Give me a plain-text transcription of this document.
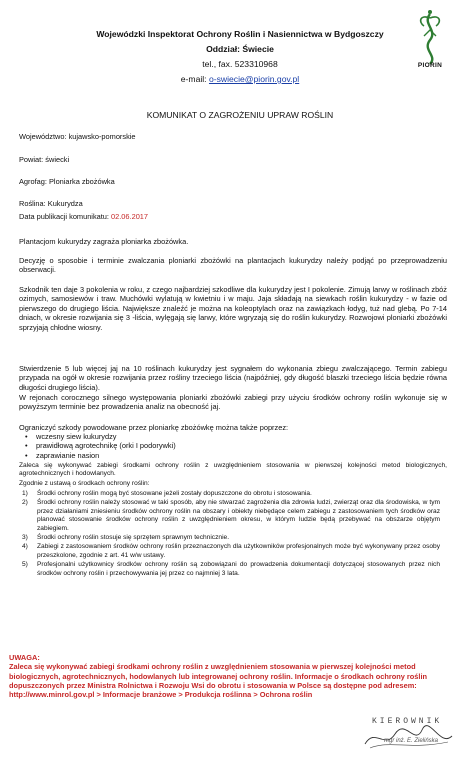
Wojewódzki Inspektorat Ochrony Roślin i Nasiennictwa w Bydgoszczy
Oddział: Świecie
tel., fax. 523310968
e-mail: o-swiecie@piorin.gov.pl
PIORIN
KOMUNIKAT O ZAGROŻENIU UPRAW ROŚLIN
Województwo: kujawsko-pomorskie
Powiat: świecki
Agrofag: Ploniarka zbożówka
Roślina: Kukurydza
Data publikacji komunikatu: 02.06.2017
Plantacjom kukurydzy zagraża ploniarka zbożówka.
Decyzję o sposobie i terminie zwalczania ploniarki zbożówki na plantacjach kukurydzy należy podjąć po przeprowadzeniu obserwacji.
Szkodnik ten daje 3 pokolenia w roku, z czego najbardziej szkodliwe dla kukurydzy jest I pokolenie. Zimują larwy w roślinach zbóż ozimych, samosiewów i traw. Muchówki wylatują w kwietniu i w maju. Jaja składają na siewkach roślin kukurydzy - w fazie od pierwszego do drugiego liścia. Największe znaleźć je można na koleoptylach oraz na zawiązkach łodyg, tuż nad glebą. Po 7-14 dniach, w okresie rozwijania się 3 -liścia, wylęgają się larwy, które wgryzają się do roślin kukurydzy. Rozwojowi ploniarki zbożówki sprzyjają chłodne wiosny.
Stwierdzenie 5 lub więcej jaj na 10 roślinach kukurydzy jest sygnałem do wykonania zbiegu zwalczającego. Termin zabiegu przypada na ogół w okresie rozwijania przez rośliny trzeciego liścia (najpóźniej, gdy długość blaszki trzeciego liścia będzie równa długości drugiego liścia).
W rejonach corocznego silnego występowania ploniarki zbożówki zabiegi przy użyciu środków ochrony roślin wykonuje się w powyższym terminie bez prowadzenia analiz na obecność jaj.
Ograniczyć szkody powodowane przez ploniarkę zbożówkę można także poprzez:
• wczesny siew kukurydzy
• prawidłową agrotechnikę (orki I podorywki)
• zaprawianie nasion
Zaleca się wykonywać zabiegi środkami ochrony roślin z uwzględnieniem stosowania w pierwszej kolejności metod biologicznych, agrotechnicznych i hodowlanych.
Zgodnie z ustawą o środkach ochrony roślin:
1) Środki ochrony roślin mogą być stosowane jeżeli zostały dopuszczone do obrotu i stosowania.
2) Środki ochrony roślin należy stosować w taki sposób, aby nie stwarzać zagrożenia dla zdrowia ludzi, zwierząt oraz dla środowiska, w tym przez działaniami zniesieniu środków ochrony roślin na obszary i obiekty niebędące celem zabiegu z zastosowaniem tych środków oraz planować stosowanie środków ochrony roślin z uwzględnieniem okresu, w którym ludzie będą przebywać na obszarze objętym zabiegiem.
3) Środki ochrony roślin stosuje się sprzętem sprawnym technicznie.
4) Zabiegi z zastosowaniem środków ochrony roślin przeznaczonych dla użytkowników profesjonalnych może być wykonywany przez osoby przeszkolone, zgodnie z art. 41 w/w ustawy.
5) Profesjonalni użytkownicy środków ochrony roślin są zobowiązani do prowadzenia dokumentacji dotyczącej stosowanych przez nich środków ochrony roślin i przechowywania jej przez co najmniej 3 lata.
UWAGA:
Zaleca się wykonywać zabiegi środkami ochrony roślin z uwzględnieniem stosowania w pierwszej kolejności metod biologicznych, agrotechnicznych, hodowlanych lub integrowanej ochrony roślin. Informacje o środkach ochrony roślin dopuszczonych przez Ministra Rolnictwa i Rozwoju Wsi do obrotu i stosowania w Polsce są dostępne pod adresem:
http://www.minrol.gov.pl > Informacje branżowe > Produkcja roślinna > Ochrona roślin
KIEROWNIK
mgr inż. E. Zielińska
